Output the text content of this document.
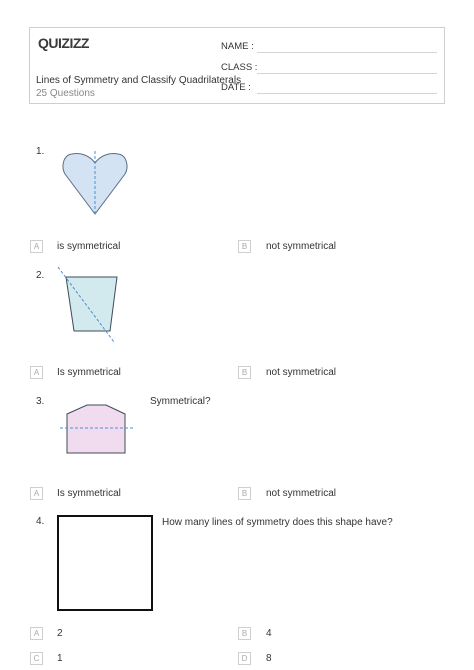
QUIZIZZ
Lines of Symmetry and Classify Quadrilaterals
25 Questions
NAME :
CLASS :
DATE :
1.
A	is symmetrical	B	not symmetrical
2.
A	Is symmetrical	B	not symmetrical
3.	Symmetrical?
A	Is symmetrical	B	not symmetrical
4.	How many lines of symmetry does this shape have?
A	2	B	4
C	1	D	8
